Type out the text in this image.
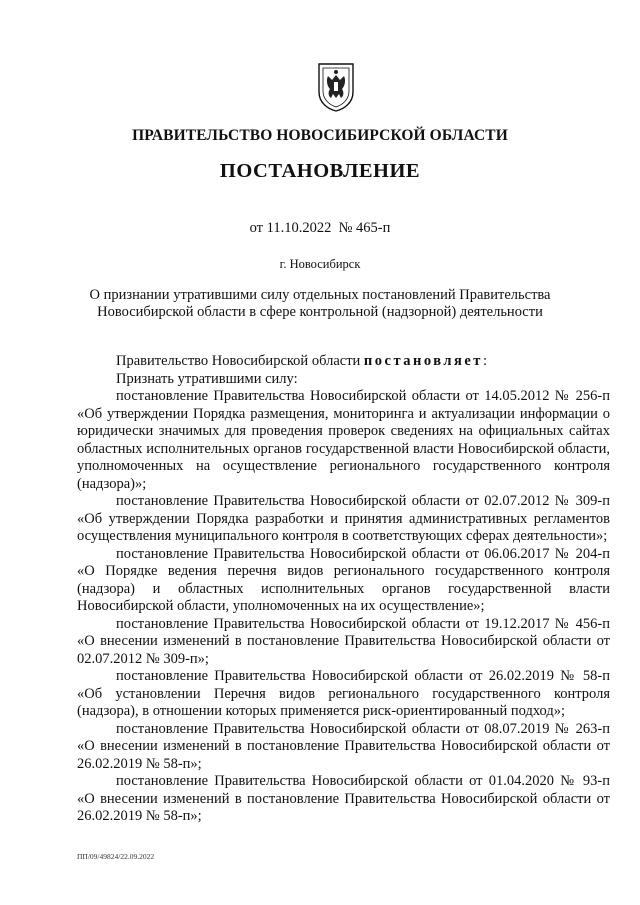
ПРАВИТЕЛЬСТВО НОВОСИБИРСКОЙ ОБЛАСТИ
ПОСТАНОВЛЕНИЕ
от 11.10.2022  № 465-п
г. Новосибирск
О признании утратившими силу отдельных постановлений Правительства
Новосибирской области в сфере контрольной (надзорной) деятельности

Правительство Новосибирской области постановляет:

Признать утратившими силу:

постановление Правительства Новосибирской области от 14.05.2012 № 256-п «Об утверждении Порядка размещения, мониторинга и актуализации информации о юридически значимых для проведения проверок сведениях на официальных сайтах областных исполнительных органов государственной власти Новосибирской области, уполномоченных на осуществление регионального государственного контроля (надзора)»;

постановление Правительства Новосибирской области от 02.07.2012 № 309-п «Об утверждении Порядка разработки и принятия административных регламентов осуществления муниципального контроля в соответствующих сферах деятельности»;

постановление Правительства Новосибирской области от 06.06.2017 № 204-п «О Порядке ведения перечня видов регионального государственного контроля (надзора) и областных исполнительных органов государственной власти Новосибирской области, уполномоченных на их осуществление»;

постановление Правительства Новосибирской области от 19.12.2017 № 456-п «О внесении изменений в постановление Правительства Новосибирской области от 02.07.2012 № 309-п»;

постановление Правительства Новосибирской области от 26.02.2019 № 58-п «Об установлении Перечня видов регионального государственного контроля (надзора), в отношении которых применяется риск-ориентированный подход»;

постановление Правительства Новосибирской области от 08.07.2019 № 263-п «О внесении изменений в постановление Правительства Новосибирской области от 26.02.2019 № 58-п»;

постановление Правительства Новосибирской области от 01.04.2020 № 93-п «О внесении изменений в постановление Правительства Новосибирской области от 26.02.2019 № 58-п»;

ПП/09/49824/22.09.2022
